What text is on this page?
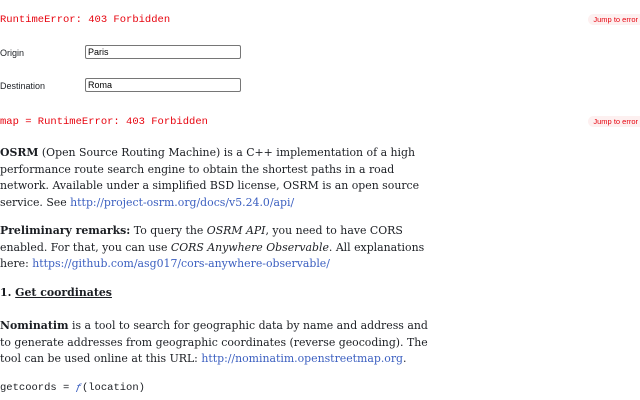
RuntimeError: 403 Forbidden	Jump to error
Origin
Paris
Destination
Roma
map = RuntimeError: 403 Forbidden	Jump to error

OSRM (Open Source Routing Machine) is a C++ implementation of a high performance route search engine to obtain the shortest paths in a road network. Available under a simplified BSD license, OSRM is an open source service. See http://project-osrm.org/docs/v5.24.0/api/

Preliminary remarks: To query the OSRM API, you need to have CORS enabled. For that, you can use CORS Anywhere Observable. All explanations here: https://github.com/asg017/cors-anywhere-observable/

1. Get coordinates

Nominatim is a tool to search for geographic data by name and address and to generate addresses from geographic coordinates (reverse geocoding). The tool can be used online at this URL: http://nominatim.openstreetmap.org.

getcoords = ƒ(location)
